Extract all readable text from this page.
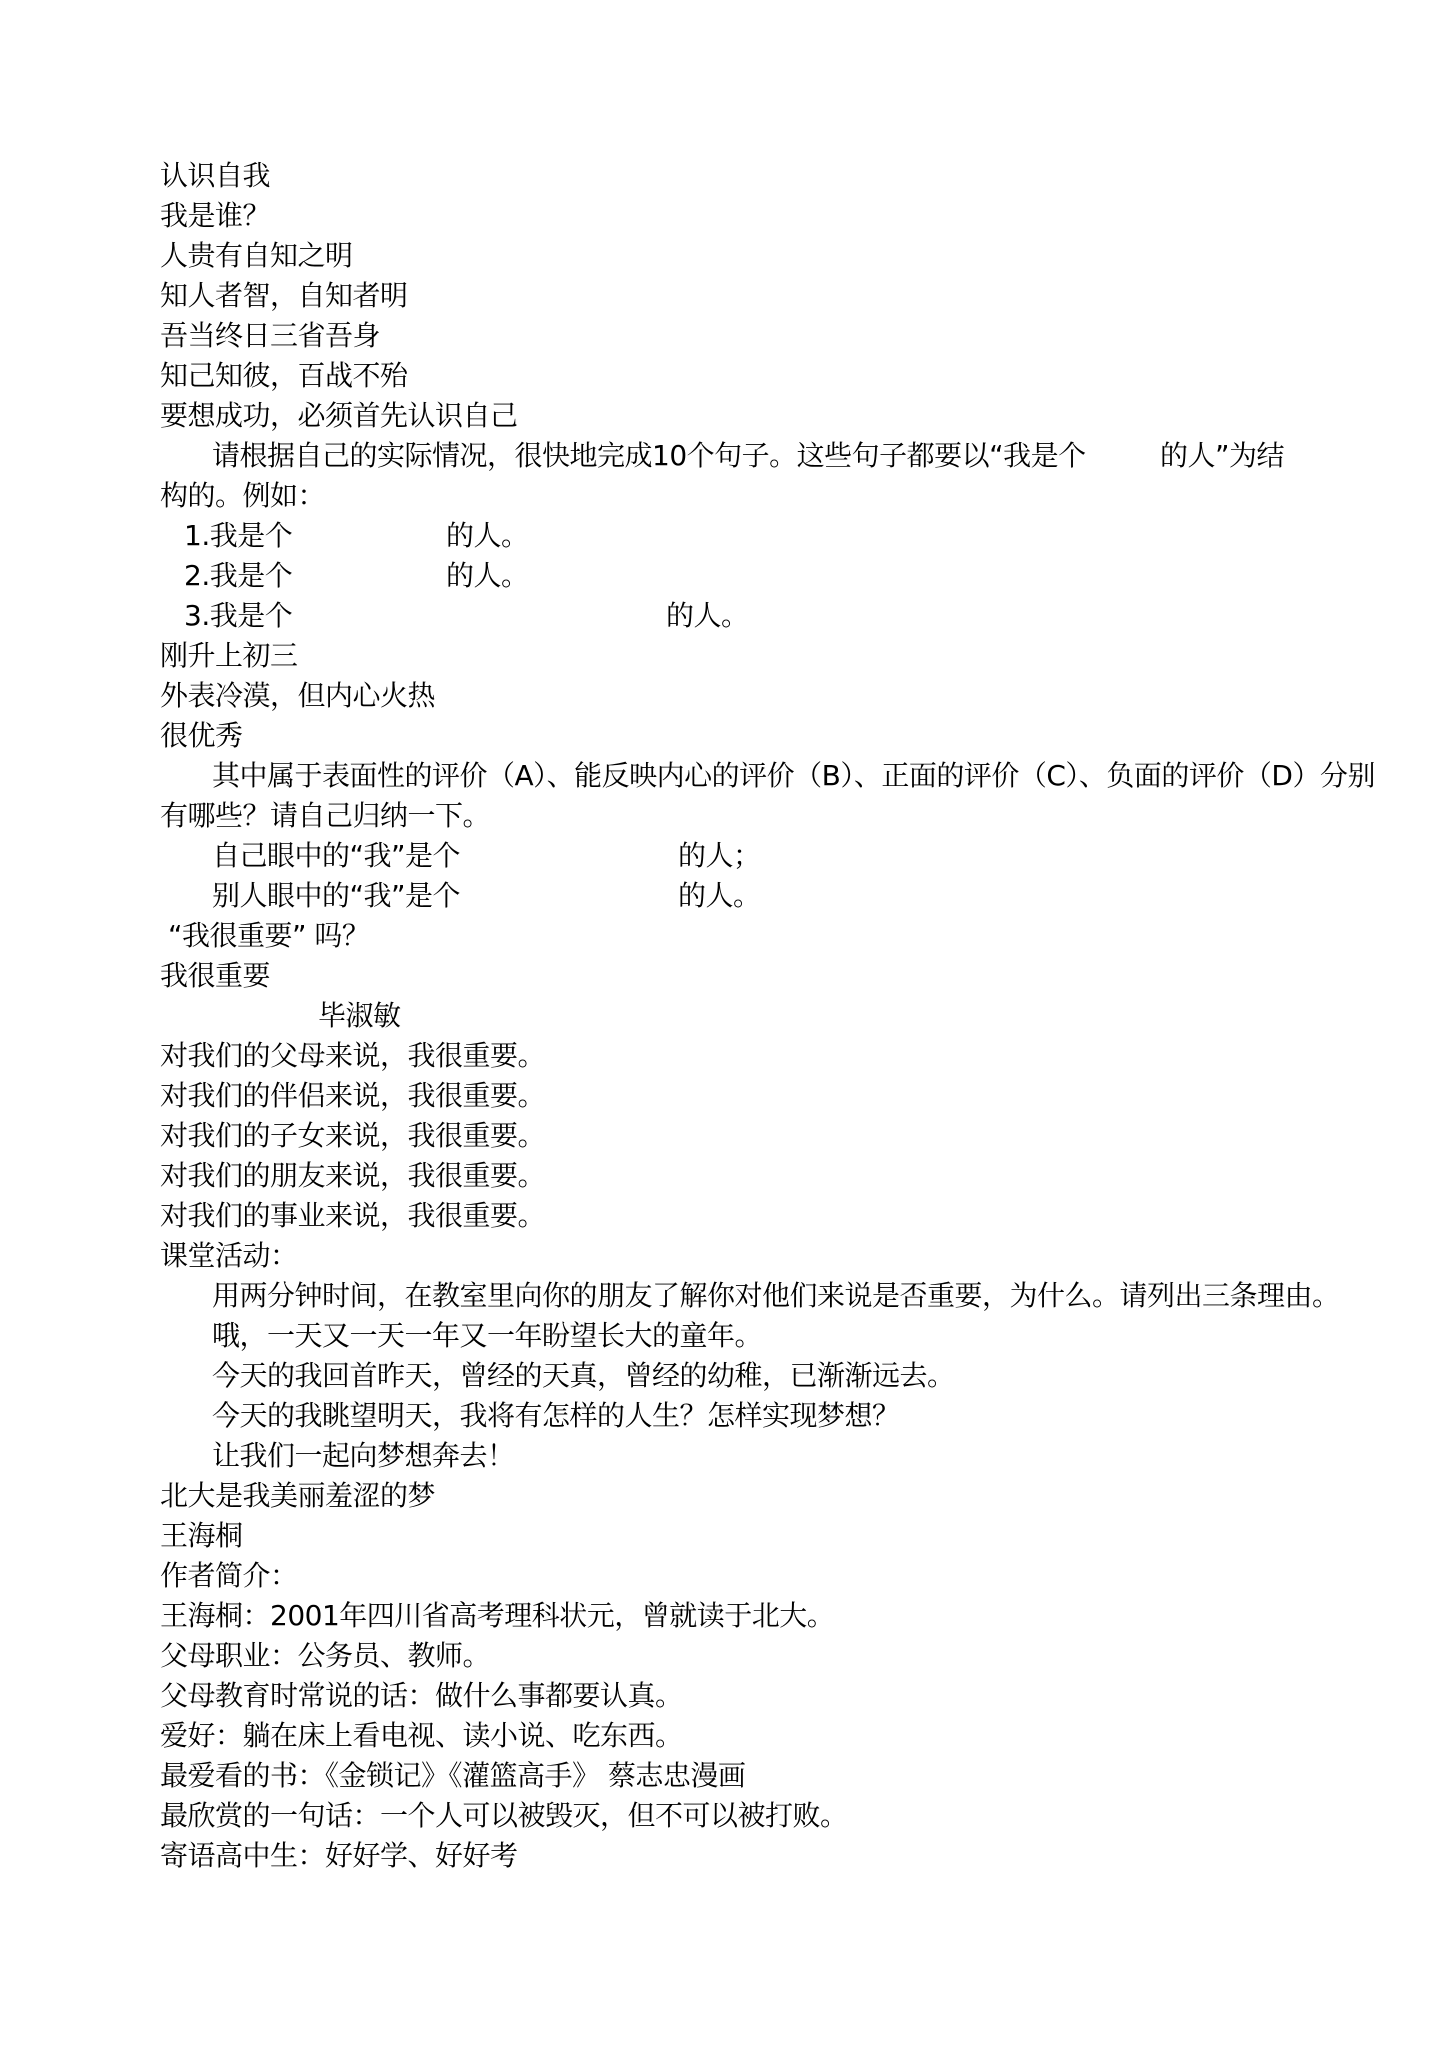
认识自我
我是谁？
人贵有自知之明
知人者智，自知者明
吾当终日三省吾身
知己知彼，百战不殆
要想成功，必须首先认识自己
请根据自己的实际情况，很快地完成10个句子。这些句子都要以“我是个	的人”为结
构的。例如：
1.我是个	的人。
2.我是个	的人。
3.我是个	的人。
刚升上初三
外表冷漠，但内心火热
很优秀
其中属于表面性的评价（A）、能反映内心的评价（B）、正面的评价（C）、负面的评价（D）分别
有哪些？请自己归纳一下。
自己眼中的“我”是个	的人；
别人眼中的“我”是个	的人。
“我很重要” 吗？
我很重要
毕淑敏
对我们的父母来说，我很重要。
对我们的伴侣来说，我很重要。
对我们的子女来说，我很重要。
对我们的朋友来说，我很重要。
对我们的事业来说，我很重要。
课堂活动：
用两分钟时间，在教室里向你的朋友了解你对他们来说是否重要，为什么。请列出三条理由。
哦，一天又一天一年又一年盼望长大的童年。
今天的我回首昨天，曾经的天真，曾经的幼稚，已渐渐远去。
今天的我眺望明天，我将有怎样的人生？怎样实现梦想？
让我们一起向梦想奔去！
北大是我美丽羞涩的梦
王海桐
作者简介：
王海桐：2001年四川省高考理科状元，曾就读于北大。
父母职业：公务员、教师。
父母教育时常说的话：做什么事都要认真。
爱好：躺在床上看电视、读小说、吃东西。
最爱看的书：《金锁记》《灌篮高手》 蔡志忠漫画
最欣赏的一句话：一个人可以被毁灭，但不可以被打败。
寄语高中生：好好学、好好考
